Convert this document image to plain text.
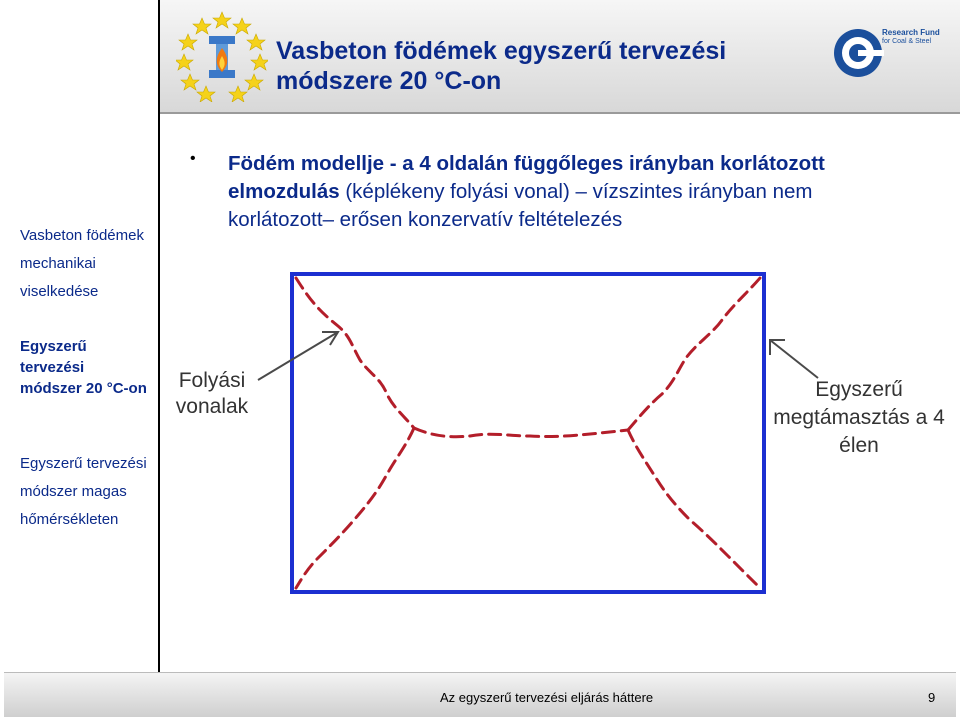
Vasbeton födémek egyszerű tervezési módszere 20 °C-on
Research Fund
for Coal & Steel
Vasbeton födémek mechanikai viselkedése
Egyszerű tervezési módszer 20 °C-on
Egyszerű tervezési módszer magas hőmérsékleten
• Födém modellje - a 4 oldalán függőleges irányban korlátozott elmozdulás (képlékeny folyási vonal) – vízszintes irányban nem korlátozott– erősen konzervatív feltételezés
Folyási vonalak
Egyszerű megtámasztás a 4 élen
Az egyszerű tervezési eljárás háttere	9
